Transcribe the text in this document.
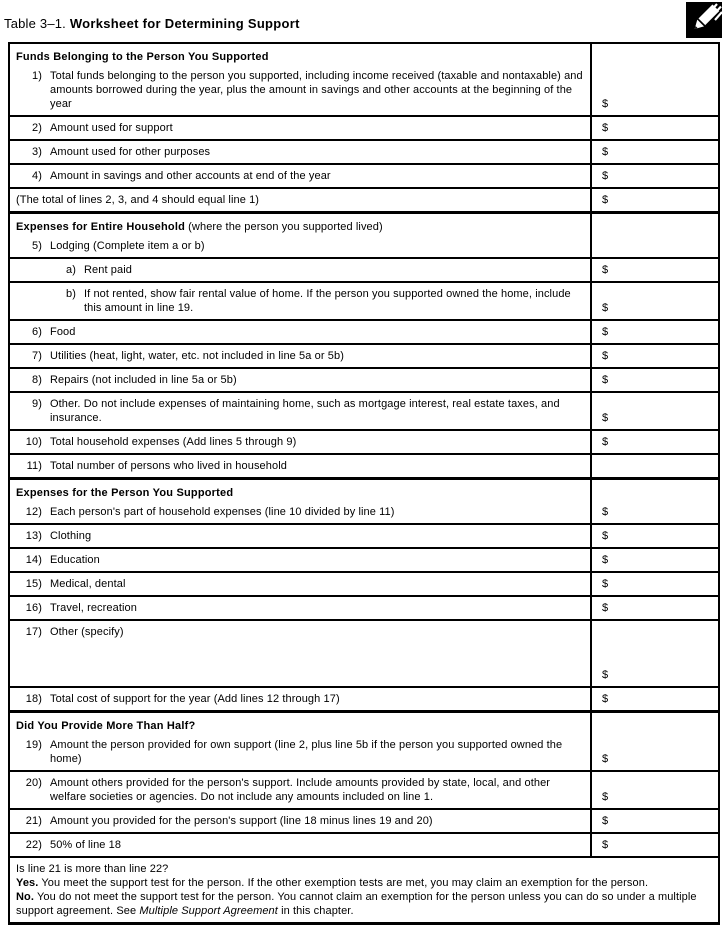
Table 3–1. Worksheet for Determining Support
Funds Belonging to the Person You Supported
1) Total funds belonging to the person you supported, including income received (taxable and nontaxable) and amounts borrowed during the year, plus the amount in savings and other accounts at the beginning of the year	$
2) Amount used for support	$
3) Amount used for other purposes	$
4) Amount in savings and other accounts at end of the year	$
(The total of lines 2, 3, and 4 should equal line 1)	$
Expenses for Entire Household (where the person you supported lived)
5) Lodging (Complete item a or b)
a) Rent paid	$
b) If not rented, show fair rental value of home. If the person you supported owned the home, include this amount in line 19.	$
6) Food	$
7) Utilities (heat, light, water, etc. not included in line 5a or 5b)	$
8) Repairs (not included in line 5a or 5b)	$
9) Other. Do not include expenses of maintaining home, such as mortgage interest, real estate taxes, and insurance.	$
10) Total household expenses (Add lines 5 through 9)	$
11) Total number of persons who lived in household
Expenses for the Person You Supported
12) Each person's part of household expenses (line 10 divided by line 11)	$
13) Clothing	$
14) Education	$
15) Medical, dental	$
16) Travel, recreation	$
17) Other (specify)
$
18) Total cost of support for the year (Add lines 12 through 17)	$
Did You Provide More Than Half?
19) Amount the person provided for own support (line 2, plus line 5b if the person you supported owned the home)	$
20) Amount others provided for the person's support. Include amounts provided by state, local, and other welfare societies or agencies. Do not include any amounts included on line 1.	$
21) Amount you provided for the person's support (line 18 minus lines 19 and 20)	$
22) 50% of line 18	$

Is line 21 is more than line 22?

Yes. You meet the support test for the person. If the other exemption tests are met, you may claim an exemption for the person.

No. You do not meet the support test for the person. You cannot claim an exemption for the person unless you can do so under a multiple support agreement. See Multiple Support Agreement in this chapter.
